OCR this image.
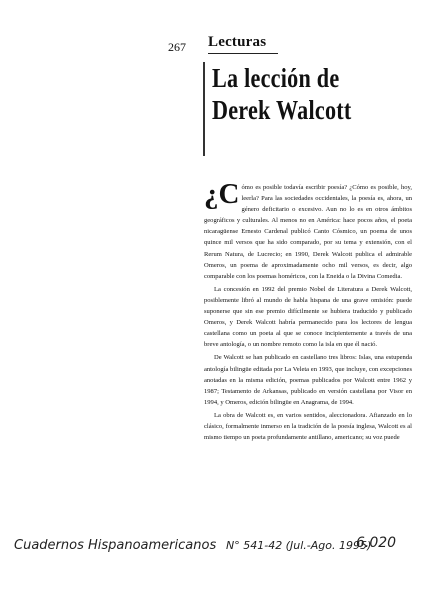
267 Lecturas
La lección de
Derek Walcott

¿C ómo es posible todavía escribir poesía? ¿Cómo es posible, hoy, leerla? Para las sociedades occidentales, la poesía es, ahora, un género deficitario o excesivo. Aun no lo es en otros ámbitos geográficos y culturales. Al menos no en América: hace pocos años, el poeta nicaragüense Ernesto Cardenal publicó Canto Cósmico, un poema de unos quince mil versos que ha sido comparado, por su tema y extensión, con el Rerum Natura, de Lucrecio; en 1990, Derek Walcott publica el admirable Omeros, un poema de aproximadamente ocho mil versos, es decir, algo comparable con los poemas homéricos, con la Eneida o la Divina Comedia.

La concesión en 1992 del premio Nobel de Literatura a Derek Walcott, posiblemente libró al mundo de habla hispana de una grave omisión: puede suponerse que sin ese premio difícilmente se hubiera traducido y publicado Omeros, y Derek Walcott habría permanecido para los lectores de lengua castellana como un poeta al que se conoce incipientemente a través de una breve antología, o un nombre remoto como la isla en que él nació.

De Walcott se han publicado en castellano tres libros: Islas, una estupenda antología bilingüe editada por La Veleta en 1993, que incluye, con excepciones anotadas en la misma edición, poemas publicados por Walcott entre 1962 y 1987; Testamento de Arkansas, publicado en versión castellana por Visor en 1994, y Omeros, edición bilingüe en Anagrama, de 1994.

La obra de Walcott es, en varios sentidos, aleccionadora. Afianzado en lo clásico, formalmente inmerso en la tradición de la poesía inglesa, Walcott es al mismo tiempo un poeta profundamente antillano, americano; su voz puede

Cuadernos Hispanoamericanos N° 541-42 (Jul.-Ago. 1995)
6.020
